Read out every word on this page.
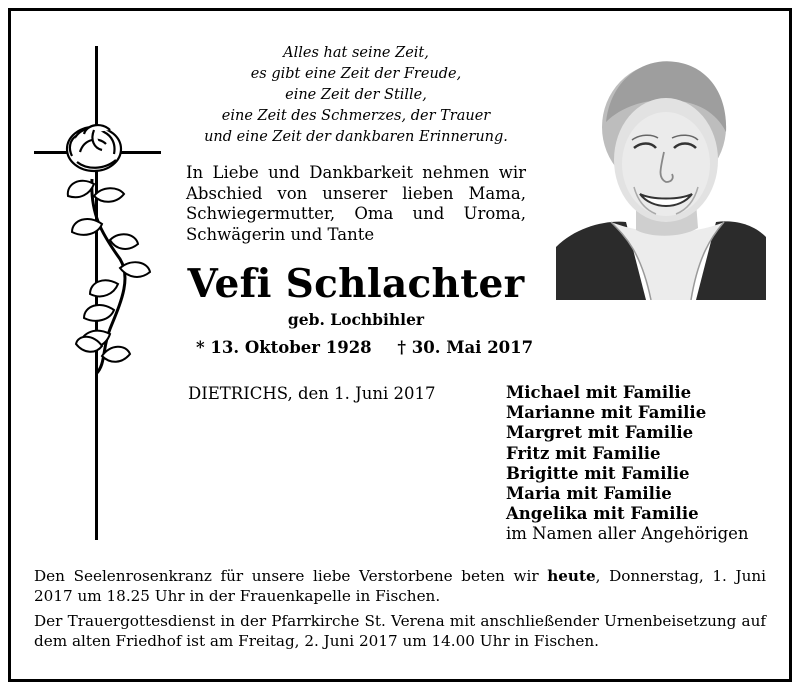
Alles hat seine Zeit,
es gibt eine Zeit der Freude,
eine Zeit der Stille,
eine Zeit des Schmerzes, der Trauer
und eine Zeit der dankbaren Erinnerung.
In Liebe und Dankbarkeit nehmen wir
Abschied von unserer lieben Mama,
Schwiegermutter, Oma und Uroma,
Schwägerin und Tante
Vefi Schlachter
geb. Lochbihler
* 13. Oktober 1928 † 30. Mai 2017
DIETRICHS, den 1. Juni 2017	Michael mit Familie
Marianne mit Familie
Margret mit Familie
Fritz mit Familie
Brigitte mit Familie
Maria mit Familie
Angelika mit Familie
im Namen aller Angehörigen

Den Seelenrosenkranz für unsere liebe Verstorbene beten wir heute, Donnerstag, 1. Juni 2017 um 18.25 Uhr in der Frauenkapelle in Fischen.

Der Trauergottesdienst in der Pfarrkirche St. Verena mit anschließender Urnenbeisetzung auf dem alten Friedhof ist am Freitag, 2. Juni 2017 um 14.00 Uhr in Fischen.
